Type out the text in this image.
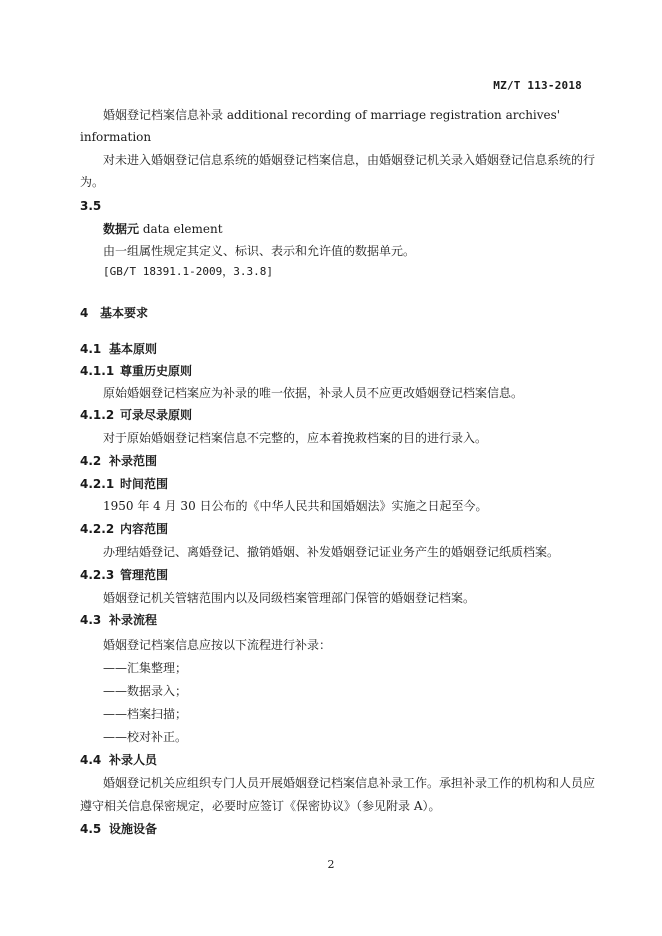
MZ/T 113-2018
婚姻登记档案信息补录 additional recording of marriage registration archives'
information
对未进入婚姻登记信息系统的婚姻登记档案信息，由婚姻登记机关录入婚姻登记信息系统的行
为。
3.5
数据元 data element
由一组属性规定其定义、标识、表示和允许值的数据单元。
[GB/T 18391.1-2009，3.3.8]
4 基本要求
4.1 基本原则
4.1.1 尊重历史原则
原始婚姻登记档案应为补录的唯一依据，补录人员不应更改婚姻登记档案信息。
4.1.2 可录尽录原则
对于原始婚姻登记档案信息不完整的，应本着挽救档案的目的进行录入。
4.2 补录范围
4.2.1 时间范围
1950 年 4 月 30 日公布的《中华人民共和国婚姻法》实施之日起至今。
4.2.2 内容范围
办理结婚登记、离婚登记、撤销婚姻、补发婚姻登记证业务产生的婚姻登记纸质档案。
4.2.3 管理范围
婚姻登记机关管辖范围内以及同级档案管理部门保管的婚姻登记档案。
4.3 补录流程
婚姻登记档案信息应按以下流程进行补录：
——汇集整理；
——数据录入；
——档案扫描；
——校对补正。
4.4 补录人员
婚姻登记机关应组织专门人员开展婚姻登记档案信息补录工作。承担补录工作的机构和人员应
遵守相关信息保密规定，必要时应签订《保密协议》（参见附录 A）。
4.5 设施设备
2
